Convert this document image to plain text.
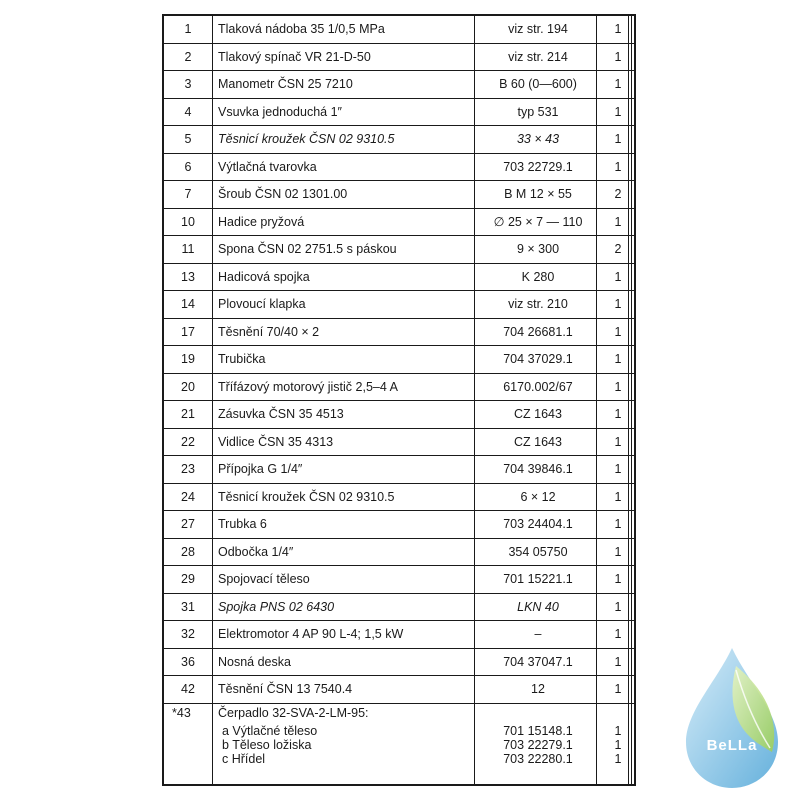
1	Tlaková nádoba 35 1/0,5 MPa	viz str. 194	1
2	Tlakový spínač VR 21-D-50	viz str. 214	1
3	Manometr ČSN 25 7210	B 60 (0—600)	1
4	Vsuvka jednoduchá 1″	typ 531	1
5	Těsnicí kroužek ČSN 02 9310.5	33 × 43	1
6	Výtlačná tvarovka	703 22729.1	1
7	Šroub ČSN 02 1301.00	B M 12 × 55	2
10	Hadice pryžová	∅ 25 × 7 — 110	1
11	Spona ČSN 02 2751.5 s páskou	9 × 300	2
13	Hadicová spojka	K 280	1
14	Plovoucí klapka	viz str. 210	1
17	Těsnění 70/40 × 2	704 26681.1	1
19	Trubička	704 37029.1	1
20	Třífázový motorový jistič 2,5–4 A	6170.002/67	1
21	Zásuvka ČSN 35 4513	CZ 1643	1
22	Vidlice ČSN 35 4313	CZ 1643	1
23	Přípojka G 1/4″	704 39846.1	1
24	Těsnicí kroužek ČSN 02 9310.5	6 × 12	1
27	Trubka 6	703 24404.1	1
28	Odbočka 1/4″	354 05750	1
29	Spojovací těleso	701 15221.1	1
31	Spojka PNS 02 6430	LKN 40	1
32	Elektromotor 4 AP 90 L-4; 1,5 kW	–	1
36	Nosná deska	704 37047.1	1
42	Těsnění ČSN 13 7540.4	12	1
*43 Čerpadlo 32-SVA-2-LM-95:
a Výtlačné těleso	701 15148.1	1
b Těleso ložiska	703 22279.1	1
c Hřídel	703 22280.1	1
BeLLa
